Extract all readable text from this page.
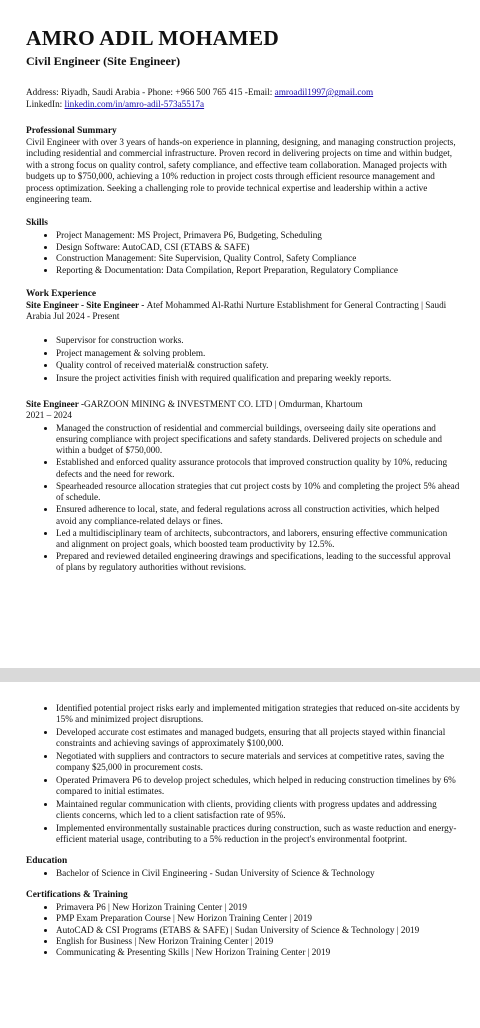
AMRO ADIL MOHAMED
Civil Engineer (Site Engineer)
Address: Riyadh, Saudi Arabia - Phone: +966 500 765 415 -Email: amroadil1997@gmail.com
LinkedIn: linkedin.com/in/amro-adil-573a5517a
Professional Summary

Civil Engineer with over 3 years of hands-on experience in planning, designing, and managing construction projects, including residential and commercial infrastructure. Proven record in delivering projects on time and within budget, with a strong focus on quality control, safety compliance, and effective team collaboration. Managed projects with budgets up to $750,000, achieving a 10% reduction in project costs through efficient resource management and process optimization. Seeking a challenging role to provide technical expertise and leadership within a active engineering team.

Skills
• Project Management: MS Project, Primavera P6, Budgeting, Scheduling
• Design Software: AutoCAD, CSI (ETABS & SAFE)
• Construction Management: Site Supervision, Quality Control, Safety Compliance
• Reporting & Documentation: Data Compilation, Report Preparation, Regulatory Compliance
Work Experience
Site Engineer - Site Engineer - Atef Mohammed Al-Rathi Nurture Establishment for General Contracting | Saudi Arabia Jul 2024 - Present
• Supervisor for construction works.
• Project management & solving problem.
• Quality control of received material& construction safety.
• Insure the project activities finish with required qualification and preparing weekly reports.
Site Engineer -GARZOON MINING & INVESTMENT CO. LTD | Omdurman, Khartoum
2021 – 2024
• Managed the construction of residential and commercial buildings, overseeing daily site operations and ensuring compliance with project specifications and safety standards. Delivered projects on schedule and within a budget of $750,000.
• Established and enforced quality assurance protocols that improved construction quality by 10%, reducing defects and the need for rework.
• Spearheaded resource allocation strategies that cut project costs by 10% and completing the project 5% ahead of schedule.
• Ensured adherence to local, state, and federal regulations across all construction activities, which helped avoid any compliance-related delays or fines.
• Led a multidisciplinary team of architects, subcontractors, and laborers, ensuring effective communication and alignment on project goals, which boosted team productivity by 12.5%.
• Prepared and reviewed detailed engineering drawings and specifications, leading to the successful approval of plans by regulatory authorities without revisions.
• Identified potential project risks early and implemented mitigation strategies that reduced on-site accidents by 15% and minimized project disruptions.
• Developed accurate cost estimates and managed budgets, ensuring that all projects stayed within financial constraints and achieving savings of approximately $100,000.
• Negotiated with suppliers and contractors to secure materials and services at competitive rates, saving the company $25,000 in procurement costs.
• Operated Primavera P6 to develop project schedules, which helped in reducing construction timelines by 6% compared to initial estimates.
• Maintained regular communication with clients, providing clients with progress updates and addressing clients concerns, which led to a client satisfaction rate of 95%.
• Implemented environmentally sustainable practices during construction, such as waste reduction and energy-efficient material usage, contributing to a 5% reduction in the project's environmental footprint.
Education
• Bachelor of Science in Civil Engineering - Sudan University of Science & Technology
Certifications & Training
• Primavera P6 | New Horizon Training Center | 2019
• PMP Exam Preparation Course | New Horizon Training Center | 2019
• AutoCAD & CSI Programs (ETABS & SAFE) | Sudan University of Science & Technology | 2019
• English for Business | New Horizon Training Center | 2019
• Communicating & Presenting Skills | New Horizon Training Center | 2019
